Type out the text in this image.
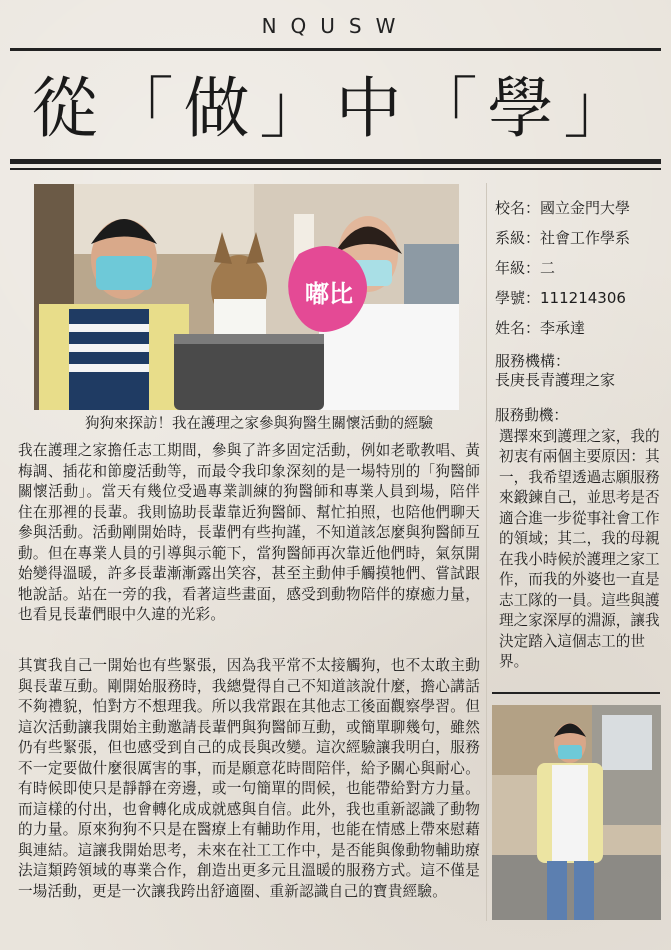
NQUSW
從「做」中「學」
嘟比
狗狗來探訪！我在護理之家參與狗醫生關懷活動的經驗
我在護理之家擔任志工期間，參與了許多固定活動，例如老歌教唱、黃梅調、插花和節慶活動等，而最令我印象深刻的是一場特別的「狗醫師關懷活動」。當天有幾位受過專業訓練的狗醫師和專業人員到場，陪伴住在那裡的長輩。我則協助長輩靠近狗醫師、幫忙拍照，也陪他們聊天參與活動。活動剛開始時，長輩們有些拘謹，不知道該怎麼與狗醫師互動。但在專業人員的引導與示範下，當狗醫師再次靠近他們時，氣氛開始變得溫暖，許多長輩漸漸露出笑容，甚至主動伸手觸摸牠們、嘗試跟牠說話。站在一旁的我，看著這些畫面，感受到動物陪伴的療癒力量，也看見長輩們眼中久違的光彩。
其實我自己一開始也有些緊張，因為我平常不太接觸狗，也不太敢主動與長輩互動。剛開始服務時，我總覺得自己不知道該說什麼，擔心講話不夠禮貌，怕對方不想理我。所以我常跟在其他志工後面觀察學習。但這次活動讓我開始主動邀請長輩們與狗醫師互動，或簡單聊幾句，雖然仍有些緊張，但也感受到自己的成長與改變。這次經驗讓我明白，服務不一定要做什麼很厲害的事，而是願意花時間陪伴，給予關心與耐心。有時候即使只是靜靜在旁邊，或一句簡單的問候，也能帶給對方力量。而這樣的付出，也會轉化成成就感與自信。此外，我也重新認識了動物的力量。原來狗狗不只是在醫療上有輔助作用，也能在情感上帶來慰藉與連結。這讓我開始思考，未來在社工工作中，是否能與像動物輔助療法這類跨領域的專業合作，創造出更多元且溫暖的服務方式。這不僅是一場活動，更是一次讓我跨出舒適圈、重新認識自己的寶貴經驗。
校名：國立金門大學
系級：社會工作學系
年級：二
學號：111214306
姓名：李承達
服務機構：
長庚長青護理之家
服務動機：
選擇來到護理之家，我的初衷有兩個主要原因：其一，我希望透過志願服務來鍛鍊自己，並思考是否適合進一步從事社會工作的領域；其二，我的母親在我小時候於護理之家工作，而我的外婆也一直是志工隊的一員。這些與護理之家深厚的淵源，讓我決定踏入這個志工的世界。
